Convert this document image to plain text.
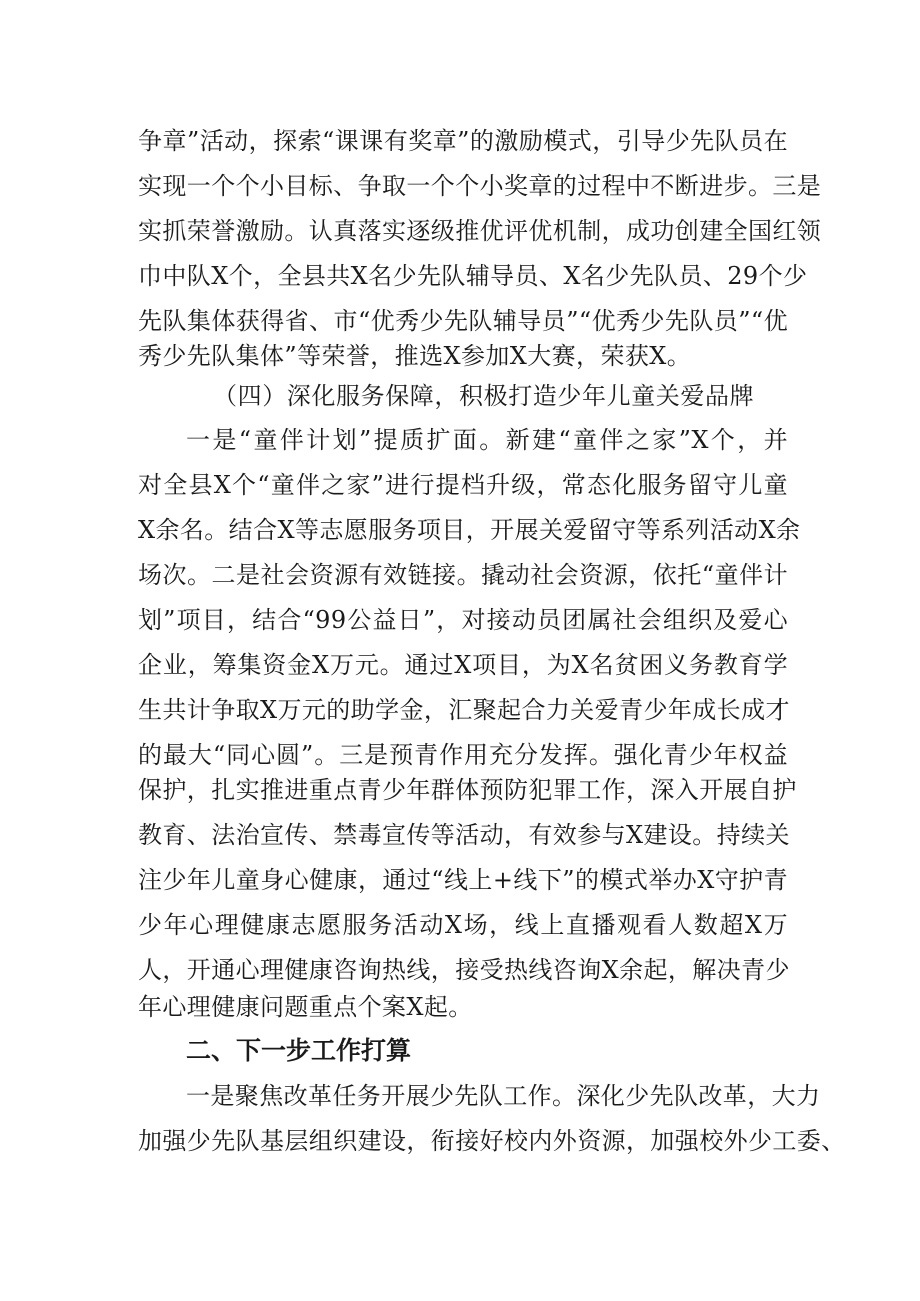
争章”活动，探索“课课有奖章”的激励模式，引导少先队员在
实现一个个小目标、争取一个个小奖章的过程中不断进步。三是
实抓荣誉激励。认真落实逐级推优评优机制，成功创建全国红领
巾中队X个，全县共X名少先队辅导员、X名少先队员、29个少
先队集体获得省、市“优秀少先队辅导员”“优秀少先队员”“优
秀少先队集体”等荣誉，推选X参加X大赛，荣获X。
（四）深化服务保障，积极打造少年儿童关爱品牌
一是“童伴计划”提质扩面。新建“童伴之家”X个，并
对全县X个“童伴之家”进行提档升级，常态化服务留守儿童
X余名。结合X等志愿服务项目，开展关爱留守等系列活动X余
场次。二是社会资源有效链接。撬动社会资源，依托“童伴计
划”项目，结合“99公益日”，对接动员团属社会组织及爱心
企业，筹集资金X万元。通过X项目，为X名贫困义务教育学
生共计争取X万元的助学金，汇聚起合力关爱青少年成长成才
的最大“同心圆”。三是预青作用充分发挥。强化青少年权益
保护，扎实推进重点青少年群体预防犯罪工作，深入开展自护
教育、法治宣传、禁毒宣传等活动，有效参与X建设。持续关
注少年儿童身心健康，通过“线上+线下”的模式举办X守护青
少年心理健康志愿服务活动X场，线上直播观看人数超X万
人，开通心理健康咨询热线，接受热线咨询X余起，解决青少
年心理健康问题重点个案X起。
二、下一步工作打算
一是聚焦改革任务开展少先队工作。深化少先队改革，大力
加强少先队基层组织建设，衔接好校内外资源，加强校外少工委、
